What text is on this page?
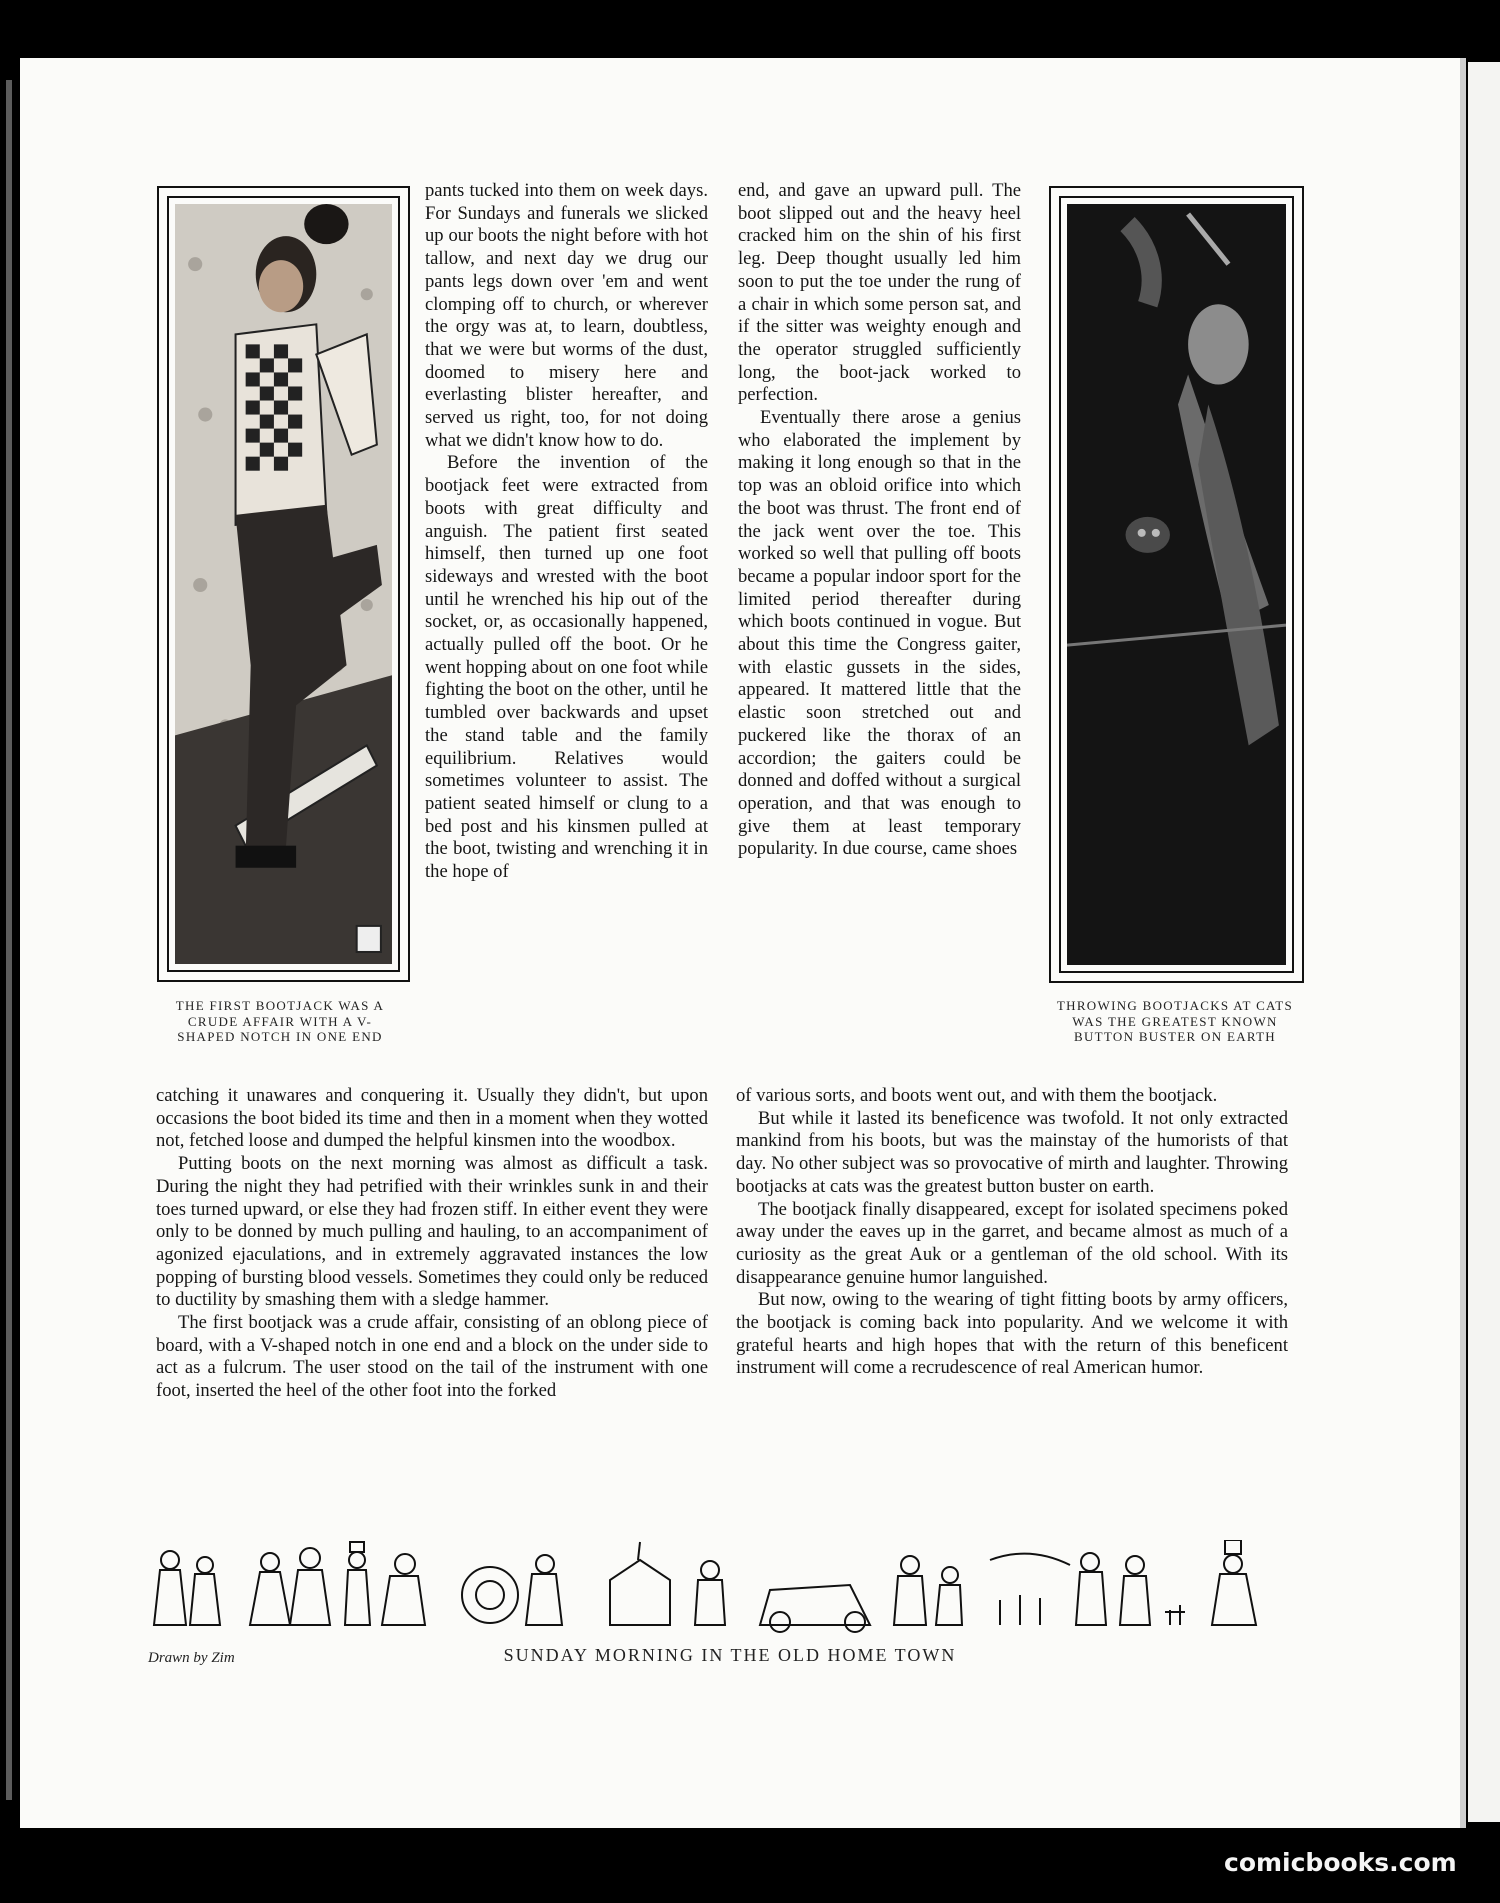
THE FIRST BOOTJACK WAS A CRUDE AFFAIR WITH A V-SHAPED NOTCH IN ONE END
THROWING BOOTJACKS AT CATS WAS THE GREATEST KNOWN BUTTON BUSTER ON EARTH

pants tucked into them on week days. For Sundays and funerals we slicked up our boots the night before with hot tallow, and next day we drug our pants legs down over 'em and went clomping off to church, or wherever the orgy was at, to learn, doubtless, that we were but worms of the dust, doomed to misery here and everlasting blister hereafter, and served us right, too, for not doing what we didn't know how to do.

Before the invention of the bootjack feet were extracted from boots with great difficulty and anguish. The patient first seated himself, then turned up one foot sideways and wrested with the boot until he wrenched his hip out of the socket, or, as occasionally happened, actually pulled off the boot. Or he went hopping about on one foot while fighting the boot on the other, until he tumbled over backwards and upset the stand table and the family equilibrium. Relatives would sometimes volunteer to assist. The patient seated himself or clung to a bed post and his kinsmen pulled at the boot, twisting and wrenching it in the hope of

end, and gave an upward pull. The boot slipped out and the heavy heel cracked him on the shin of his first leg. Deep thought usually led him soon to put the toe under the rung of a chair in which some person sat, and if the sitter was weighty enough and the operator struggled sufficiently long, the boot-jack worked to perfection.

Eventually there arose a genius who elaborated the implement by making it long enough so that in the top was an obloid orifice into which the boot was thrust. The front end of the jack went over the toe. This worked so well that pulling off boots became a popular indoor sport for the limited period thereafter during which boots continued in vogue. But about this time the Congress gaiter, with elastic gussets in the sides, appeared. It mattered little that the elastic soon stretched out and puckered like the thorax of an accordion; the gaiters could be donned and doffed without a surgical operation, and that was enough to give them at least temporary popularity. In due course, came shoes

catching it unawares and conquering it. Usually they didn't, but upon occasions the boot bided its time and then in a moment when they wotted not, fetched loose and dumped the helpful kinsmen into the woodbox.

Putting boots on the next morning was almost as difficult a task. During the night they had petrified with their wrinkles sunk in and their toes turned upward, or else they had frozen stiff. In either event they were only to be donned by much pulling and hauling, to an accompaniment of agonized ejaculations, and in extremely aggravated instances the low popping of bursting blood vessels. Sometimes they could only be reduced to ductility by smashing them with a sledge hammer.

The first bootjack was a crude affair, consisting of an oblong piece of board, with a V-shaped notch in one end and a block on the under side to act as a fulcrum. The user stood on the tail of the instrument with one foot, inserted the heel of the other foot into the forked

of various sorts, and boots went out, and with them the bootjack.

But while it lasted its beneficence was twofold. It not only extracted mankind from his boots, but was the mainstay of the humorists of that day. No other subject was so provocative of mirth and laughter. Throwing bootjacks at cats was the greatest button buster on earth.

The bootjack finally disappeared, except for isolated specimens poked away under the eaves up in the garret, and became almost as much of a curiosity as the great Auk or a gentleman of the old school. With its disappearance genuine humor languished.

But now, owing to the wearing of tight fitting boots by army officers, the bootjack is coming back into popularity. And we welcome it with grateful hearts and high hopes that with the return of this beneficent instrument will come a recrudescence of real American humor.

Drawn by Zim	SUNDAY MORNING IN THE OLD HOME TOWN
comicbooks.com
